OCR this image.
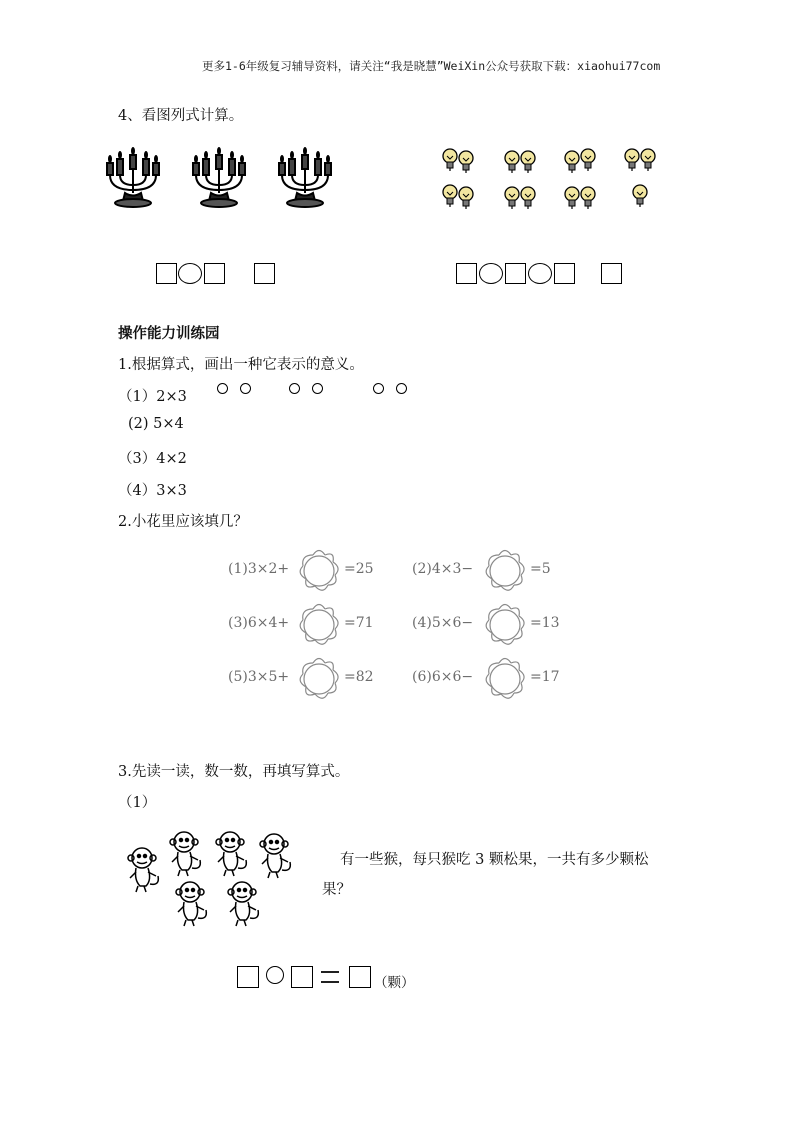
更多1-6年级复习辅导资料，请关注“我是晓慧”WeiXin公众号获取下载：xiaohui77com
4、看图列式计算。
操作能力训练园
1.根据算式，画出一种它表示的意义。
（1）2×3
(2) 5×4
（3）4×2
（4）3×3
2.小花里应该填几？
(1)3×2+	=25	(2)4×3−	=5
(3)6×4+	=71	(4)5×6−	=13
(5)3×5+	=82	(6)6×6−	=17
3.先读一读，数一数，再填写算式。
（1）
有一些猴，每只猴吃 3 颗松果，一共有多少颗松
果？
（颗）
